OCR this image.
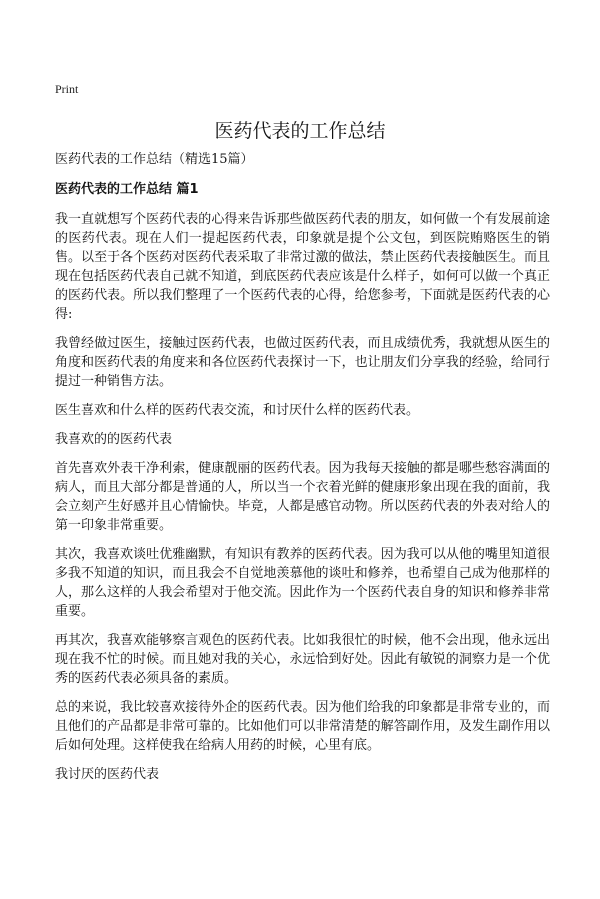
Print
医药代表的工作总结

医药代表的工作总结（精选15篇）

医药代表的工作总结 篇1

我一直就想写个医药代表的心得来告诉那些做医药代表的朋友，如何做一个有发展前途的医药代表。现在人们一提起医药代表，印象就是提个公文包，到医院贿赂医生的销售。以至于各个医药对医药代表采取了非常过激的做法，禁止医药代表接触医生。而且现在包括医药代表自己就不知道，到底医药代表应该是什么样子，如何可以做一个真正的医药代表。所以我们整理了一个医药代表的心得，给您参考，下面就是医药代表的心得:

我曾经做过医生，接触过医药代表，也做过医药代表，而且成绩优秀，我就想从医生的角度和医药代表的角度来和各位医药代表探讨一下，也让朋友们分享我的经验，给同行提过一种销售方法。

医生喜欢和什么样的医药代表交流，和讨厌什么样的医药代表。

我喜欢的的医药代表

首先喜欢外表干净利索，健康靓丽的医药代表。因为我每天接触的都是哪些愁容满面的病人，而且大部分都是普通的人，所以当一个衣着光鲜的健康形象出现在我的面前，我会立刻产生好感并且心情愉快。毕竟，人都是感官动物。所以医药代表的外表对给人的第一印象非常重要。

其次，我喜欢谈吐优雅幽默，有知识有教养的医药代表。因为我可以从他的嘴里知道很多我不知道的知识，而且我会不自觉地羡慕他的谈吐和修养，也希望自己成为他那样的人，那么这样的人我会希望对于他交流。因此作为一个医药代表自身的知识和修养非常重要。

再其次，我喜欢能够察言观色的医药代表。比如我很忙的时候，他不会出现，他永远出现在我不忙的时候。而且她对我的关心，永远恰到好处。因此有敏锐的洞察力是一个优秀的医药代表必须具备的素质。

总的来说，我比较喜欢接待外企的医药代表。因为他们给我的印象都是非常专业的，而且他们的产品都是非常可靠的。比如他们可以非常清楚的解答副作用，及发生副作用以后如何处理。这样使我在给病人用药的时候，心里有底。

我讨厌的医药代表
